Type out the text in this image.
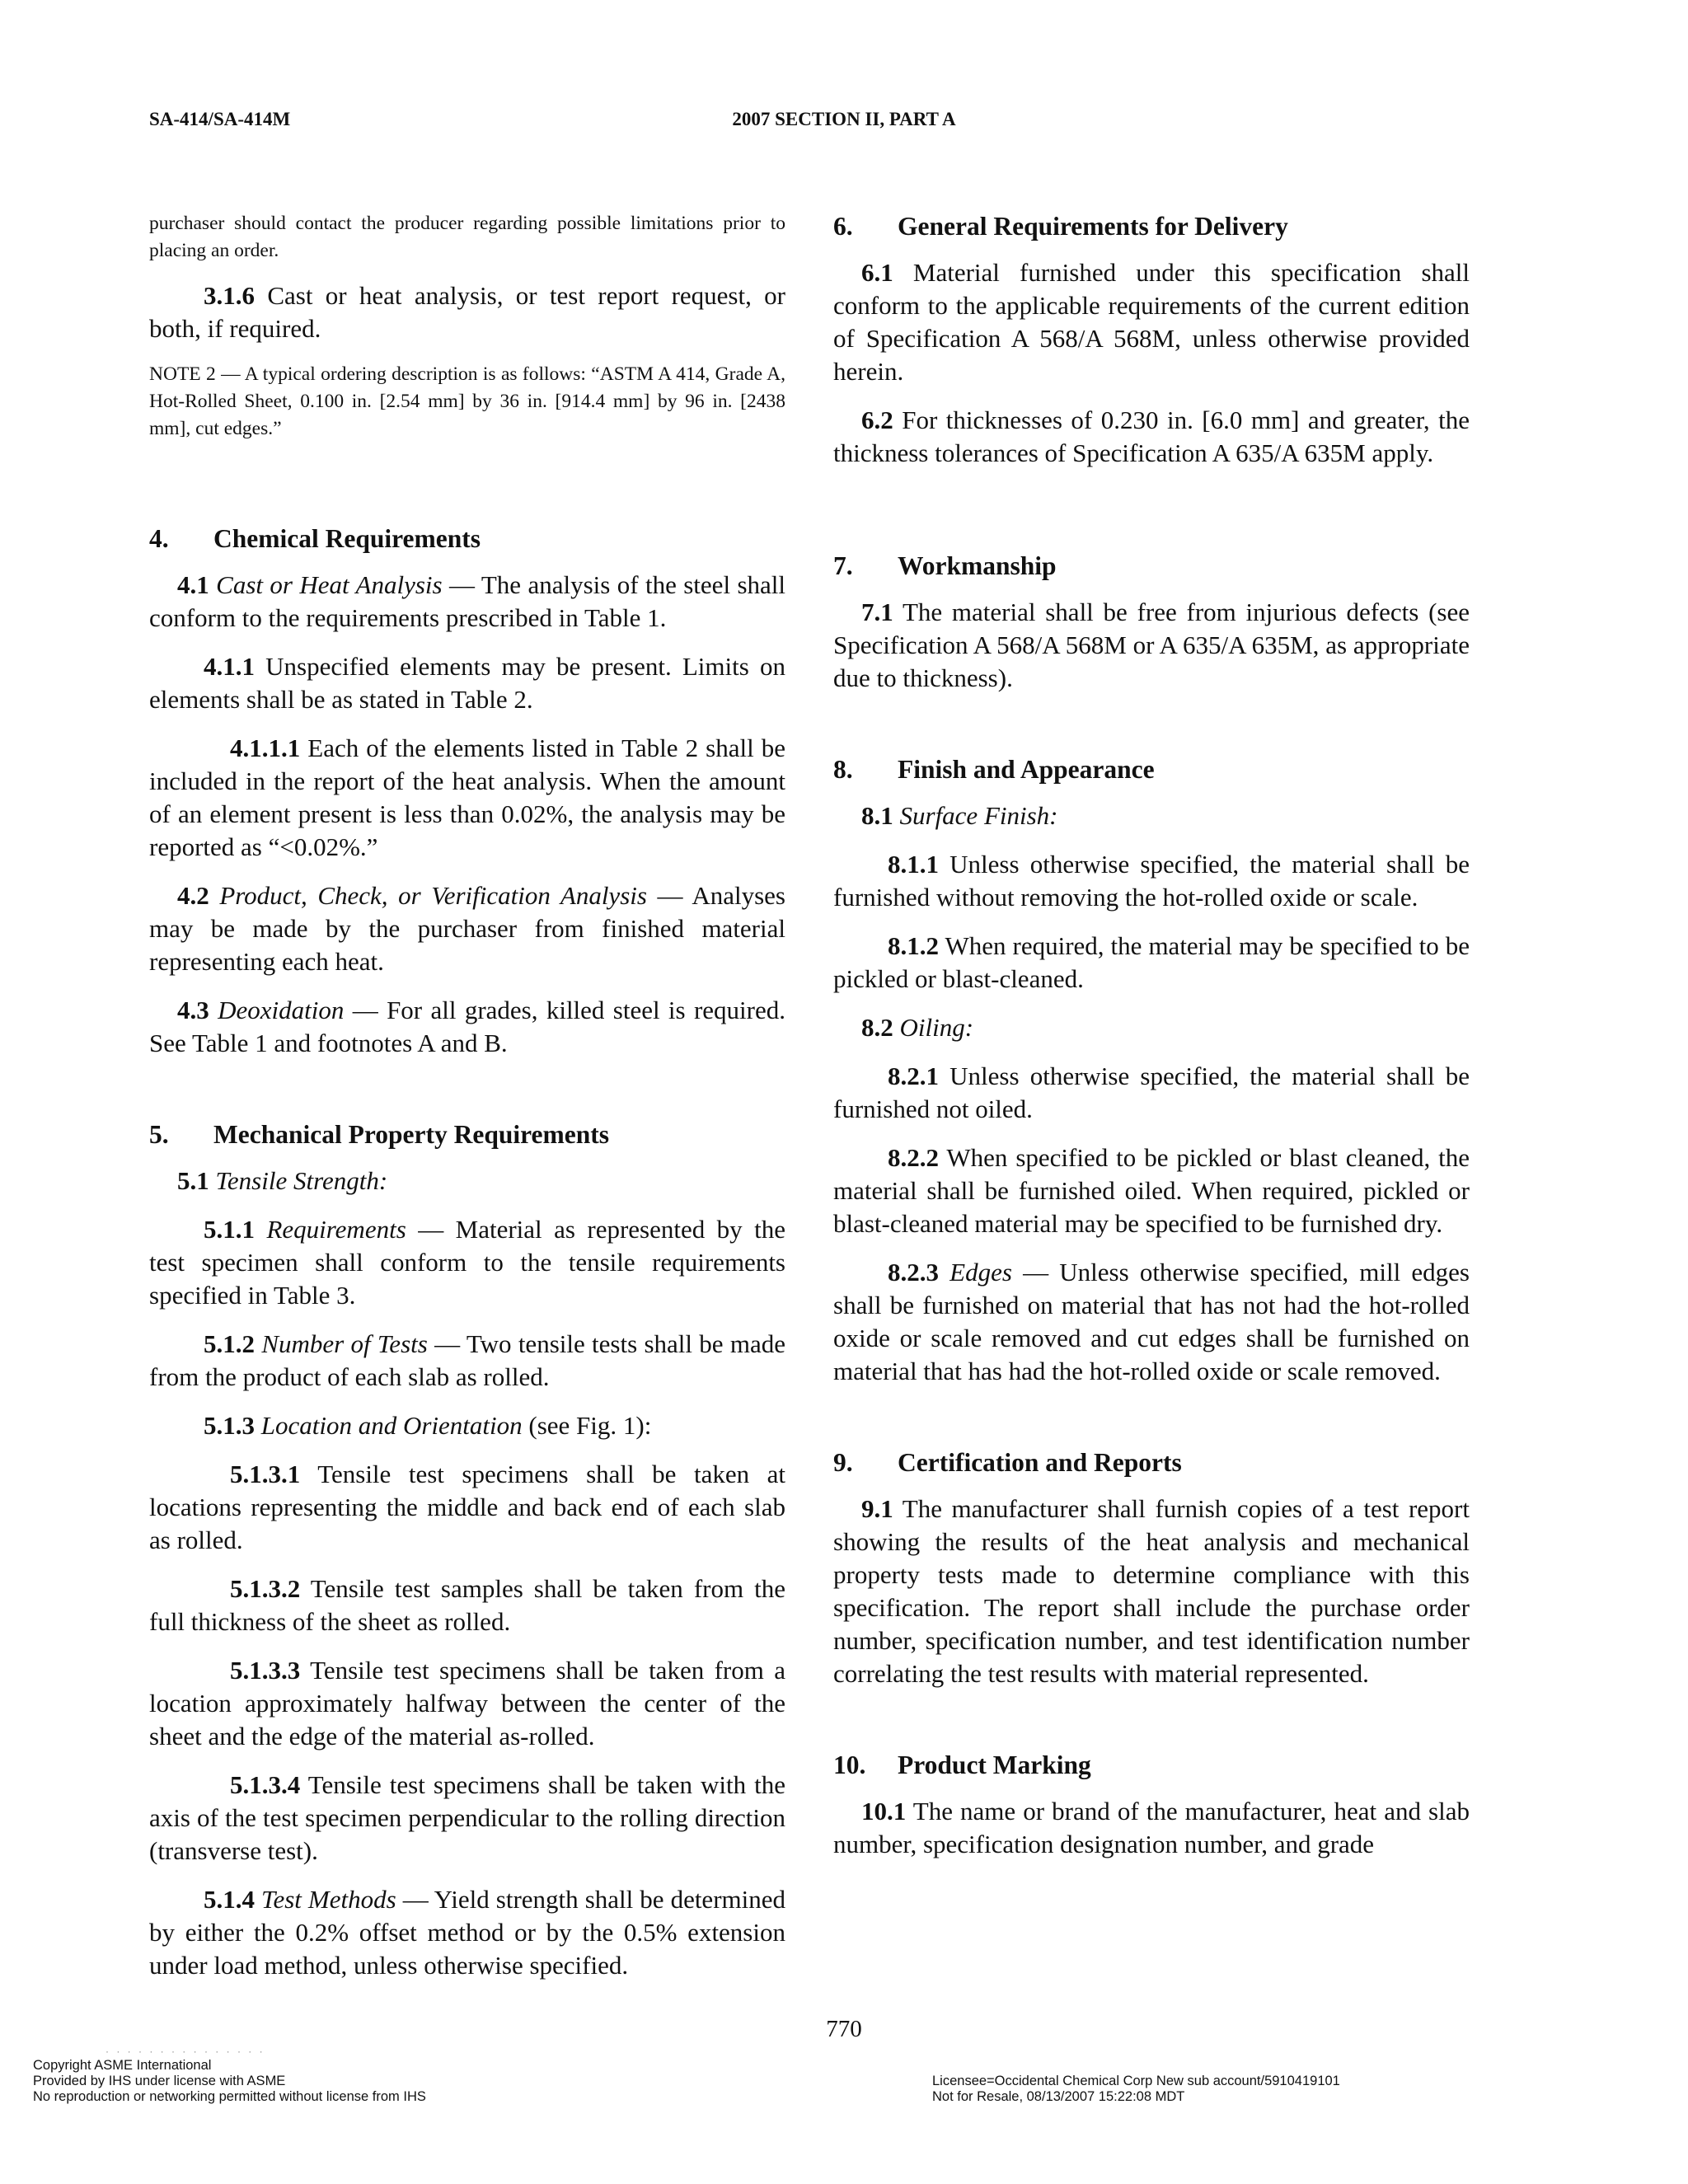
SA-414/SA-414M	2007 SECTION II, PART A

purchaser should contact the producer regarding possible limitations prior to placing an order.

3.1.6 Cast or heat analysis, or test report request, or both, if required.

NOTE 2 — A typical ordering description is as follows: “ASTM A 414, Grade A, Hot-Rolled Sheet, 0.100 in. [2.54 mm] by 36 in. [914.4 mm] by 96 in. [2438 mm], cut edges.”

4. Chemical Requirements

4.1 Cast or Heat Analysis — The analysis of the steel shall conform to the requirements prescribed in Table 1.

4.1.1 Unspecified elements may be present. Limits on elements shall be as stated in Table 2.

4.1.1.1 Each of the elements listed in Table 2 shall be included in the report of the heat analysis. When the amount of an element present is less than 0.02%, the analysis may be reported as “<0.02%.”

4.2 Product, Check, or Verification Analysis — Analyses may be made by the purchaser from finished material representing each heat.

4.3 Deoxidation — For all grades, killed steel is required. See Table 1 and footnotes A and B.

5. Mechanical Property Requirements

5.1 Tensile Strength:

5.1.1 Requirements — Material as represented by the test specimen shall conform to the tensile requirements specified in Table 3.

5.1.2 Number of Tests — Two tensile tests shall be made from the product of each slab as rolled.

5.1.3 Location and Orientation (see Fig. 1):

5.1.3.1 Tensile test specimens shall be taken at locations representing the middle and back end of each slab as rolled.

5.1.3.2 Tensile test samples shall be taken from the full thickness of the sheet as rolled.

5.1.3.3 Tensile test specimens shall be taken from a location approximately halfway between the center of the sheet and the edge of the material as-rolled.

5.1.3.4 Tensile test specimens shall be taken with the axis of the test specimen perpendicular to the rolling direction (transverse test).

5.1.4 Test Methods — Yield strength shall be determined by either the 0.2% offset method or by the 0.5% extension under load method, unless otherwise specified.

6. General Requirements for Delivery

6.1 Material furnished under this specification shall conform to the applicable requirements of the current edition of Specification A 568/A 568M, unless otherwise provided herein.

6.2 For thicknesses of 0.230 in. [6.0 mm] and greater, the thickness tolerances of Specification A 635/A 635M apply.

7. Workmanship

7.1 The material shall be free from injurious defects (see Specification A 568/A 568M or A 635/A 635M, as appropriate due to thickness).

8. Finish and Appearance

8.1 Surface Finish:

8.1.1 Unless otherwise specified, the material shall be furnished without removing the hot-rolled oxide or scale.

8.1.2 When required, the material may be specified to be pickled or blast-cleaned.

8.2 Oiling:

8.2.1 Unless otherwise specified, the material shall be furnished not oiled.

8.2.2 When specified to be pickled or blast cleaned, the material shall be furnished oiled. When required, pickled or blast-cleaned material may be specified to be furnished dry.

8.2.3 Edges — Unless otherwise specified, mill edges shall be furnished on material that has not had the hot-rolled oxide or scale removed and cut edges shall be furnished on material that has had the hot-rolled oxide or scale removed.

9. Certification and Reports

9.1 The manufacturer shall furnish copies of a test report showing the results of the heat analysis and mechanical property tests made to determine compliance with this specification. The report shall include the purchase order number, specification number, and test identification number correlating the test results with material represented.

10. Product Marking

10.1 The name or brand of the manufacturer, heat and slab number, specification designation number, and grade

770
· · · · · · · · · · · · · · ·
Copyright ASME International
Provided by IHS under license with ASME
No reproduction or networking permitted without license from IHS
Licensee=Occidental Chemical Corp New sub account/5910419101
Not for Resale, 08/13/2007 15:22:08 MDT
